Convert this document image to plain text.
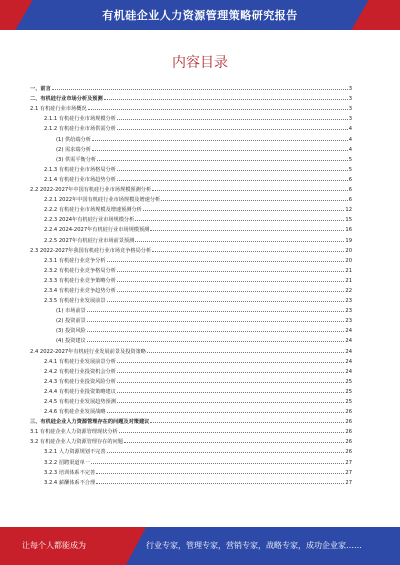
有机硅企业人力资源管理策略研究报告
内容目录
一、前言	3
二、有机硅行业市场分析及预测	3
2.1 有机硅行业市场概况	3
2.1.1 有机硅行业市场规模分析	3
2.1.2 有机硅行业市场供需分析	4
(1) 供给端分析	4
(2) 需求端分析	4
(3) 供需平衡分析	5
2.1.3 有机硅行业市场格局分析	5
2.1.4 有机硅行业市场趋势分析	6
2.2 2022-2027年中国有机硅行业市场规模预测分析	6
2.2.1 2022年中国有机硅行业市场规模及增速分析	6
2.2.2 有机硅行业市场规模及增速预测分析	12
2.2.3 2024年有机硅行业市场规模分析	15
2.2.4 2024-2027年有机硅行业市场规模预测	16
2.2.5 2027年有机硅行业市场前景预测	19
2.3 2022-2027年我国有机硅行业市场竞争格局分析	20
2.3.1 有机硅行业竞争分析	20
2.3.2 有机硅行业竞争格局分析	21
2.3.3 有机硅行业竞争策略分析	21
2.3.4 有机硅行业竞争趋势分析	22
2.3.5 有机硅行业发展前景	23
(1) 市场前景	23
(2) 投资前景	23
(3) 投资风险	24
(4) 投资建议	24
2.4 2022-2027年有机硅行业发展前景及投资策略	24
2.4.1 有机硅行业发展前景分析	24
2.4.2 有机硅行业投资机会分析	24
2.4.3 有机硅行业投资风险分析	25
2.4.4 有机硅行业投资策略建议	25
2.4.5 有机硅行业发展趋势预测	25
2.4.6 有机硅企业发展战略	26
三、有机硅企业人力资源管理存在的问题及对策建议	26
3.1 有机硅企业人力资源管理现状分析	26
3.2 有机硅企业人力资源管理存在的问题	26
3.2.1 人力资源规划不完善	26
3.2.2 招聘渠道单一	27
3.2.3 培训体系不完善	27
3.2.4 薪酬体系不合理	27
让每个人都能成为	行业专家，管理专家，营销专家，战略专家，成功企业家……
